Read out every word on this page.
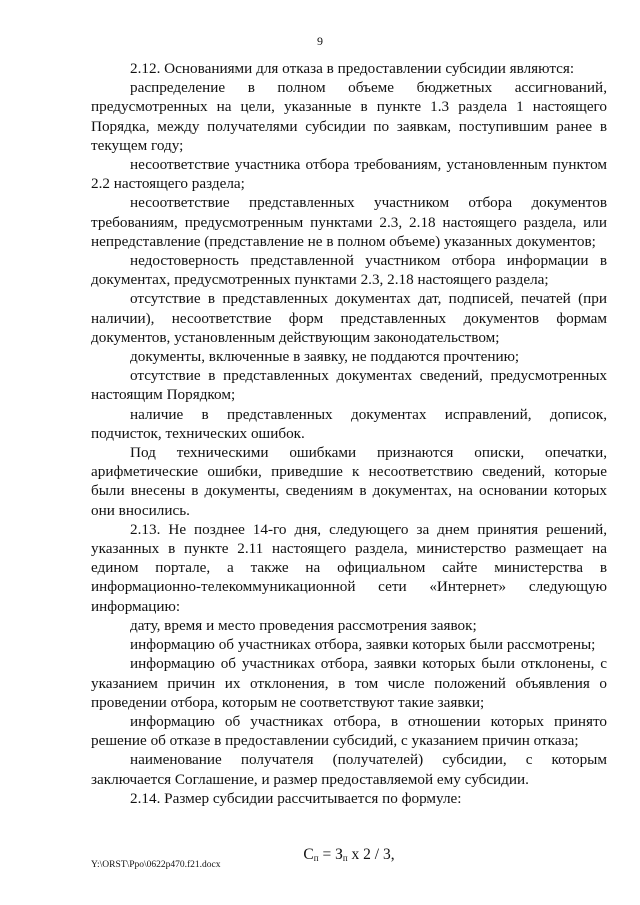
9

2.12. Основаниями для отказа в предоставлении субсидии являются:

распределение в полном объеме бюджетных ассигнований, предусмотренных на цели, указанные в пункте 1.3 раздела 1 настоящего Порядка, между получателями субсидии по заявкам, поступившим ранее в текущем году;

несоответствие участника отбора требованиям, установленным пунктом 2.2 настоящего раздела;

несоответствие представленных участником отбора документов требованиям, предусмотренным пунктами 2.3, 2.18 настоящего раздела, или непредставление (представление не в полном объеме) указанных документов;

недостоверность представленной участником отбора информации в документах, предусмотренных пунктами 2.3, 2.18 настоящего раздела;

отсутствие в представленных документах дат, подписей, печатей (при наличии), несоответствие форм представленных документов формам документов, установленным действующим законодательством;

документы, включенные в заявку, не поддаются прочтению;

отсутствие в представленных документах сведений, предусмотренных настоящим Порядком;

наличие в представленных документах исправлений, дописок, подчисток, технических ошибок.

Под техническими ошибками признаются описки, опечатки, арифметические ошибки, приведшие к несоответствию сведений, которые были внесены в документы, сведениям в документах, на основании которых они вносились.

2.13. Не позднее 14-го дня, следующего за днем принятия решений, указанных в пункте 2.11 настоящего раздела, министерство размещает на едином портале, а также на официальном сайте министерства в информационно-телекоммуникационной сети «Интернет» следующую информацию:

дату, время и место проведения рассмотрения заявок;

информацию об участниках отбора, заявки которых были рассмотрены;

информацию об участниках отбора, заявки которых были отклонены, с указанием причин их отклонения, в том числе положений объявления о проведении отбора, которым не соответствуют такие заявки;

информацию об участниках отбора, в отношении которых принято решение об отказе в предоставлении субсидий, с указанием причин отказа;

наименование получателя (получателей) субсидии, с которым заключается Соглашение, и размер предоставляемой ему субсидии.

2.14. Размер субсидии рассчитывается по формуле:

$С_п = З_п$ x 2 / 3,
Y:\ORST\Ppo\0622p470.f21.docx
